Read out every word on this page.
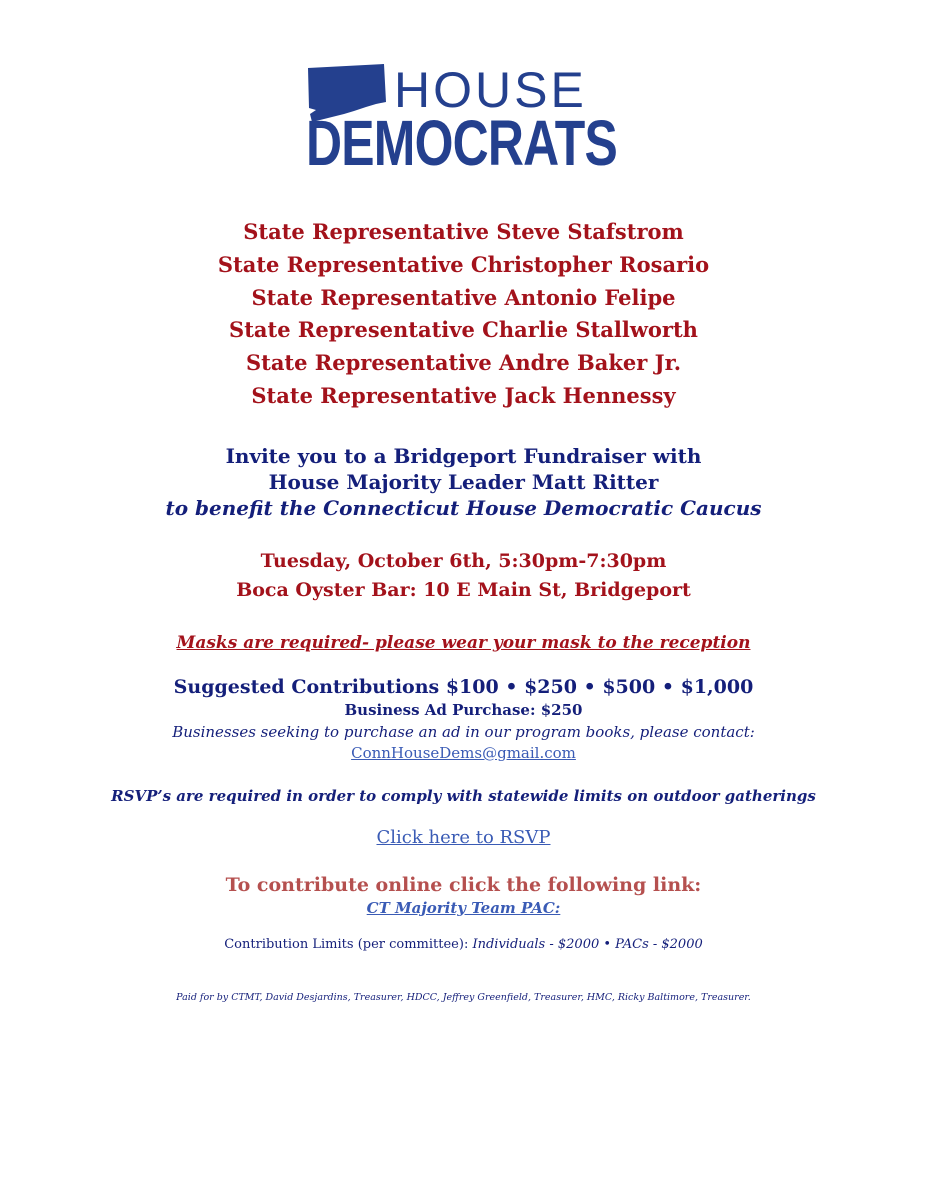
HOUSE
DEMOCRATS

State Representative Steve Stafstrom

State Representative Christopher Rosario

State Representative Antonio Felipe

State Representative Charlie Stallworth

State Representative Andre Baker Jr.

State Representative Jack Hennessy

Invite you to a Bridgeport Fundraiser with

House Majority Leader Matt Ritter

to benefit the Connecticut House Democratic Caucus

Tuesday, October 6th, 5:30pm-7:30pm

Boca Oyster Bar: 10 E Main St, Bridgeport

Masks are required- please wear your mask to the reception

Suggested Contributions $100 • $250 • $500 • $1,000

Business Ad Purchase: $250

Businesses seeking to purchase an ad in our program books, please contact:

ConnHouseDems@gmail.com

RSVP’s are required in order to comply with statewide limits on outdoor gatherings

Click here to RSVP

To contribute online click the following link:

CT Majority Team PAC:

Contribution Limits (per committee): Individuals - $2000 • PACs - $2000

Paid for by CTMT, David Desjardins, Treasurer, HDCC, Jeffrey Greenfield, Treasurer, HMC, Ricky Baltimore, Treasurer.
